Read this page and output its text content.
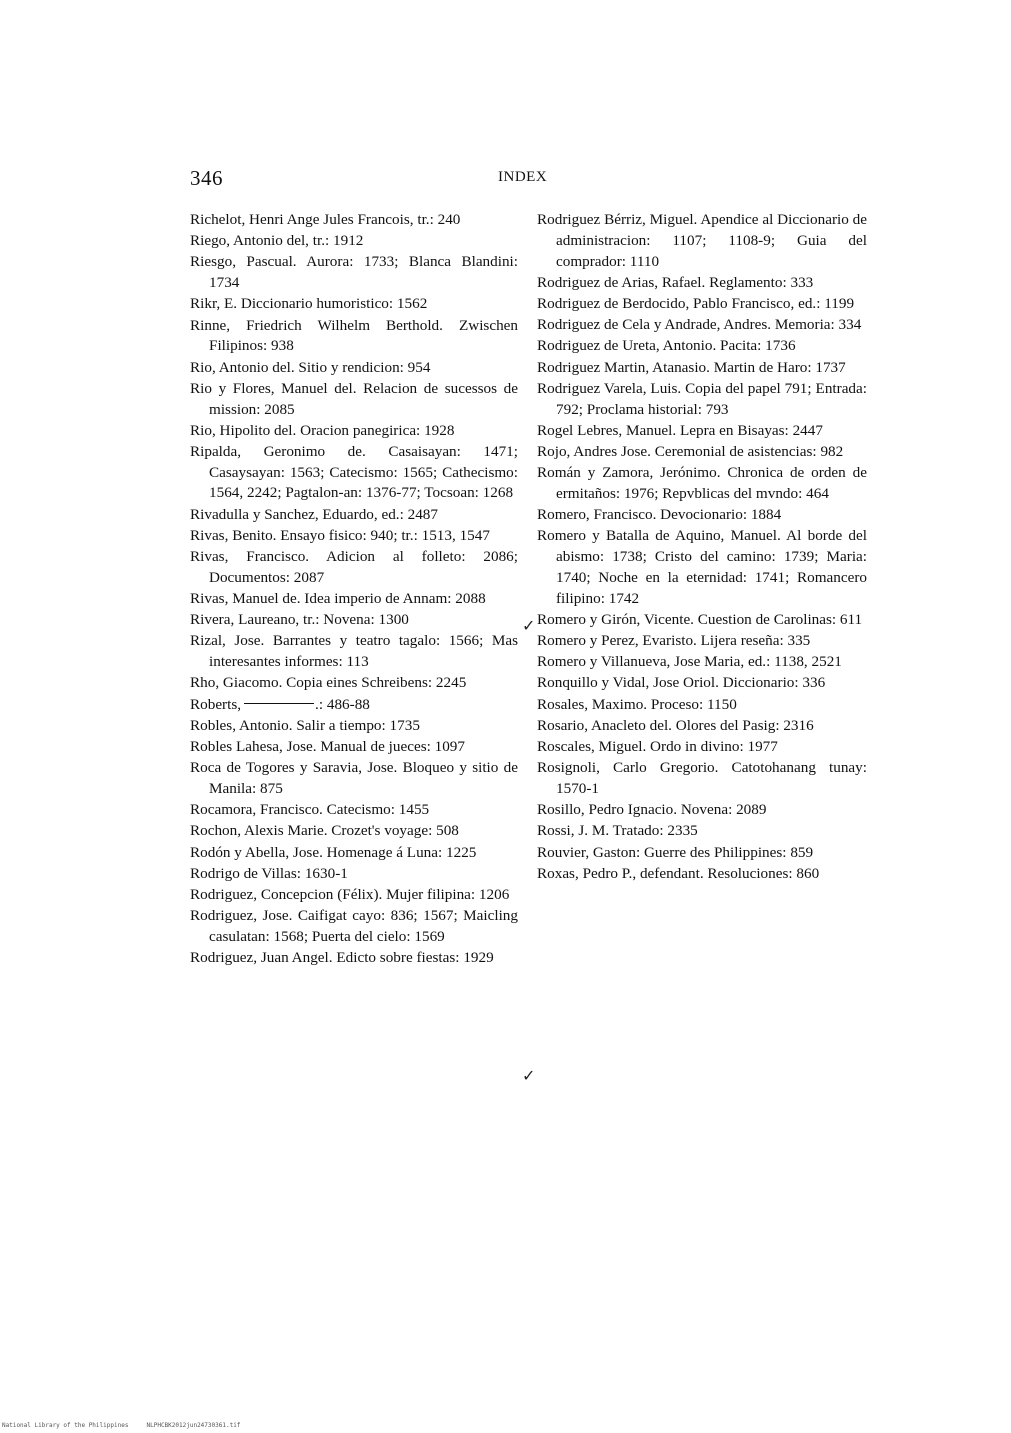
346	INDEX
Richelot, Henri Ange Jules Francois, tr.: 240
Riego, Antonio del, tr.: 1912
Riesgo, Pascual. Aurora: 1733; Blanca Blandini: 1734
Rikr, E. Diccionario humoristico: 1562
Rinne, Friedrich Wilhelm Berthold. Zwischen Filipinos: 938
Rio, Antonio del. Sitio y rendicion: 954
Rio y Flores, Manuel del. Relacion de sucessos de mission: 2085
Rio, Hipolito del. Oracion panegirica: 1928
Ripalda, Geronimo de. Casaisayan: 1471; Casaysayan: 1563; Catecismo: 1565; Cathecismo: 1564, 2242; Pagtalon-an: 1376-77; Tocsoan: 1268
Rivadulla y Sanchez, Eduardo, ed.: 2487
Rivas, Benito. Ensayo fisico: 940; tr.: 1513, 1547
Rivas, Francisco. Adicion al folleto: 2086; Documentos: 2087
Rivas, Manuel de. Idea imperio de Annam: 2088
Rivera, Laureano, tr.: Novena: 1300
Rizal, Jose. Barrantes y teatro tagalo: 1566; Mas interesantes informes: 113
Rho, Giacomo. Copia eines Schreibens: 2245
Roberts,	.: 486-88
Robles, Antonio. Salir a tiempo: 1735
Robles Lahesa, Jose. Manual de jueces: 1097
Roca de Togores y Saravia, Jose. Bloqueo y sitio de Manila: 875
Rocamora, Francisco. Catecismo: 1455
Rochon, Alexis Marie. Crozet's voyage: 508
Rodón y Abella, Jose. Homenage á Luna: 1225
Rodrigo de Villas: 1630-1
Rodriguez, Concepcion (Félix). Mujer filipina: 1206
Rodriguez, Jose. Caifigat cayo: 836; 1567; Maicling casulatan: 1568; Puerta del cielo: 1569
Rodriguez, Juan Angel. Edicto sobre fiestas: 1929
Rodriguez Bérriz, Miguel. Apendice al Diccionario de administracion: 1107; 1108-9; Guia del comprador: 1110
Rodriguez de Arias, Rafael. Reglamento: 333
Rodriguez de Berdocido, Pablo Francisco, ed.: 1199
Rodriguez de Cela y Andrade, Andres. Memoria: 334
Rodriguez de Ureta, Antonio. Pacita: 1736
Rodriguez Martin, Atanasio. Martin de Haro: 1737
Rodriguez Varela, Luis. Copia del papel 791; Entrada: 792; Proclama historial: 793
Rogel Lebres, Manuel. Lepra en Bisayas: 2447
Rojo, Andres Jose. Ceremonial de asistencias: 982
Román y Zamora, Jerónimo. Chronica de orden de ermitaños: 1976; Repvblicas del mvndo: 464
Romero, Francisco. Devocionario: 1884
Romero y Batalla de Aquino, Manuel. Al borde del abismo: 1738; Cristo del camino: 1739; Maria: 1740; Noche en la eternidad: 1741; Romancero filipino: 1742
Romero y Girón, Vicente. Cuestion de Carolinas: 611
Romero y Perez, Evaristo. Lijera reseña: 335
Romero y Villanueva, Jose Maria, ed.: 1138, 2521
Ronquillo y Vidal, Jose Oriol. Diccionario: 336
Rosales, Maximo. Proceso: 1150
Rosario, Anacleto del. Olores del Pasig: 2316
Roscales, Miguel. Ordo in divino: 1977
Rosignoli, Carlo Gregorio. Catotohanang tunay: 1570-1
Rosillo, Pedro Ignacio. Novena: 2089
Rossi, J. M. Tratado: 2335
Rouvier, Gaston: Guerre des Philippines: 859
Roxas, Pedro P., defendant. Resoluciones: 860
✓
✓
National Library of the Philippines	NLPHCBK2012jun24730361.tif
